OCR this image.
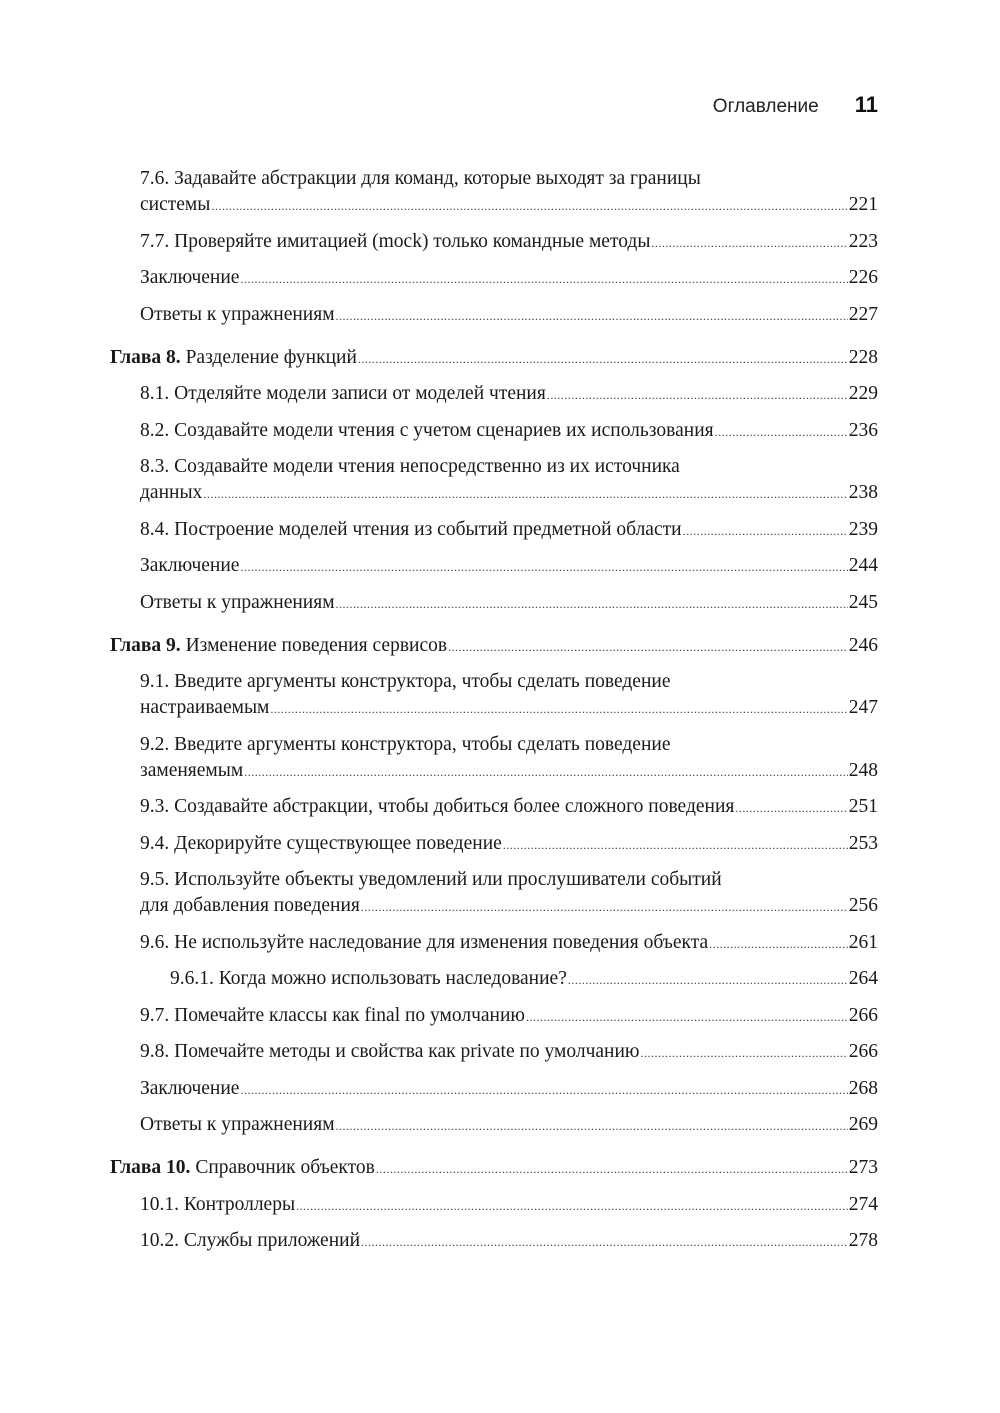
Оглавление 11
7.6. Задавайте абстракции для команд, которые выходят за границы
системы .....	221
7.7. Проверяйте имитацией (mock) только командные методы .....	223
Заключение .....	226
Ответы к упражнениям .....	227
Глава 8. Разделение функций .....	228
8.1. Отделяйте модели записи от моделей чтения .....	229
8.2. Создавайте модели чтения с учетом сценариев их использования .....	236
8.3. Создавайте модели чтения непосредственно из их источника
данных .....	238
8.4. Построение моделей чтения из событий предметной области .....	239
Заключение .....	244
Ответы к упражнениям .....	245
Глава 9. Изменение поведения сервисов .....	246
9.1. Введите аргументы конструктора, чтобы сделать поведение
настраиваемым .....	247
9.2. Введите аргументы конструктора, чтобы сделать поведение
заменяемым .....	248
9.3. Создавайте абстракции, чтобы добиться более сложного поведения .....	251
9.4. Декорируйте существующее поведение .....	253
9.5. Используйте объекты уведомлений или прослушиватели событий
для добавления поведения .....	256
9.6. Не используйте наследование для изменения поведения объекта .....	261
9.6.1. Когда можно использовать наследование? .....	264
9.7. Помечайте классы как final по умолчанию .....	266
9.8. Помечайте методы и свойства как private по умолчанию .....	266
Заключение .....	268
Ответы к упражнениям .....	269
Глава 10. Справочник объектов .....	273
10.1. Контроллеры .....	274
10.2. Службы приложений .....	278
